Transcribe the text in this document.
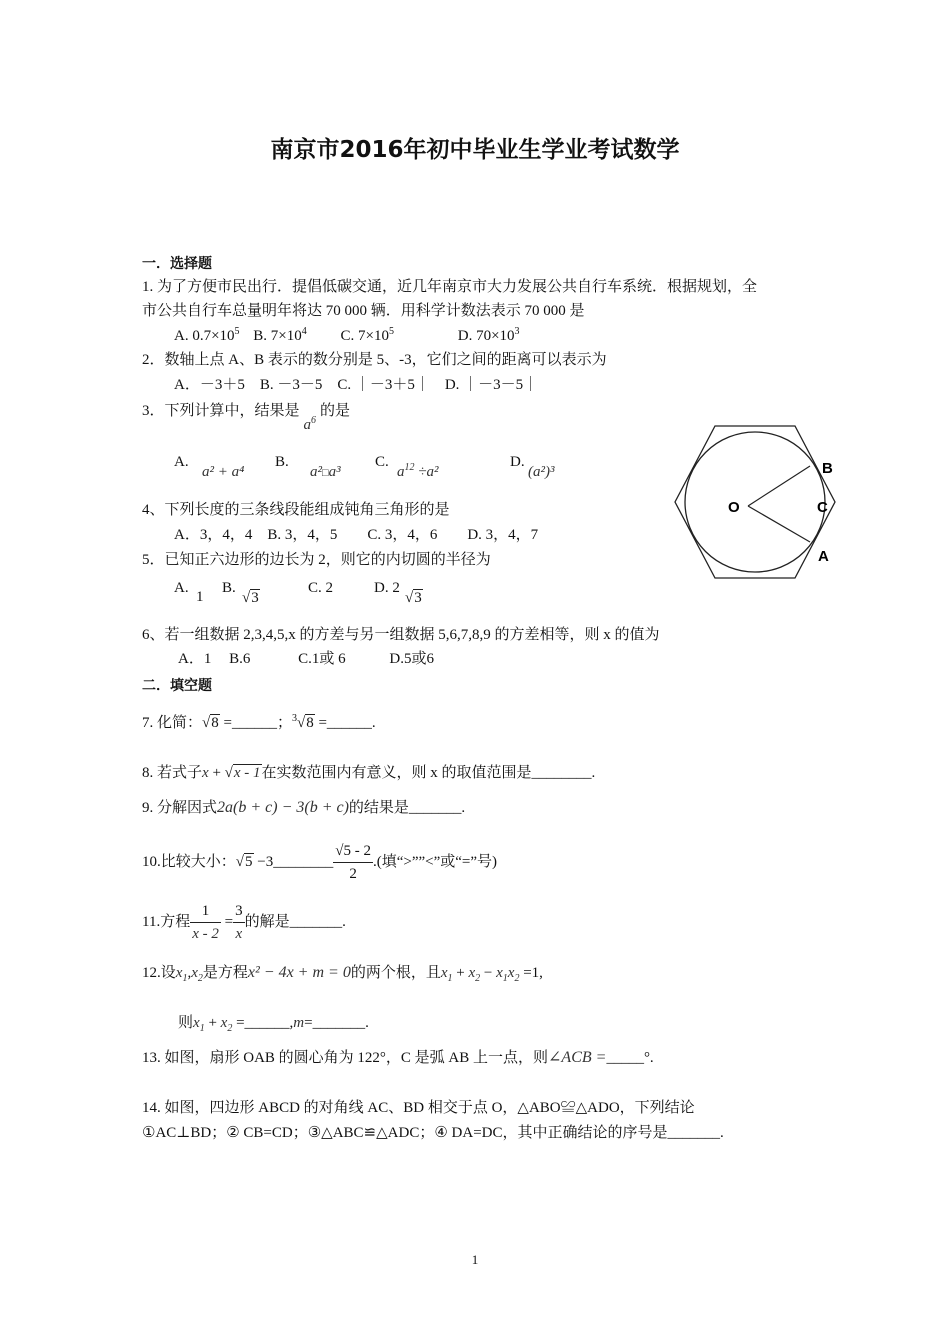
南京市2016年初中毕业生学业考试数学
一．选择题
1. 为了方便市民出行．提倡低碳交通，近几年南京市大力发展公共自行车系统．根据规划，全
市公共自行车总量明年将达 70 000 辆．用科学计数法表示 70 000 是
A. $0.7\times 10^5$ B. $7\times 10^4$ C. $7\times 10^5$	D. $70\times 10^3$
2．数轴上点 A、B 表示的数分别是 5、-3，它们之间的距离可以表示为
A．－3＋5　B. －3－5　C. ｜－3＋5｜　D. ｜－3－5｜
3．下列计算中，结果是$a^6$的是
A.
a² + a⁴
B.
a²□a³
C.
$a^{12} \div a^2$
D.
(a²)³
4、下列长度的三条线段能组成钝角三角形的是
A．3，4，4　B. 3，4，5　　C. 3，4，6　　D. 3，4，7
5．已知正六边形的边长为 2，则它的内切圆的半径为
A.
1
B.
√3
C. 2	D. 2
√3
B
O	C
A
6、若一组数据 2,3,4,5,x 的方差与另一组数据 5,6,7,8,9 的方差相等，则 x 的值为
A．1 B.6	C.1或 6	D.5或6
二．填空题
7. 化简：√8 =______；$^3$√8 =______.
8. 若式子x + √x - 1在实数范围内有意义，则 x 的取值范围是________.
9. 分解因式2a(b + c) − 3(b + c)的结果是_______.
10.比较大小：√5 −3________ $\frac{√5 - 2}{2}$ .(填“>””<”或“=”号)
11.方程 $\frac{1}{x - 2} = \frac{3}{x}$ 的解是_______.
12.设$x_1,x_2$是方程x² − 4x + m = 0的两个根，且$x_1 + x_2 - x_1x_2 =1$,
则$x_1 + x_2$ =______,m=_______.
13. 如图，扇形 OAB 的圆心角为 122°，C 是弧 AB 上一点，则∠ACB =_____°.
14. 如图，四边形 ABCD 的对角线 AC、BD 相交于点 O，△ABO≌△ADO，下列结论
①AC⊥BD；② CB=CD；③△ABC≌△ADC；④ DA=DC，其中正确结论的序号是_______.
1
